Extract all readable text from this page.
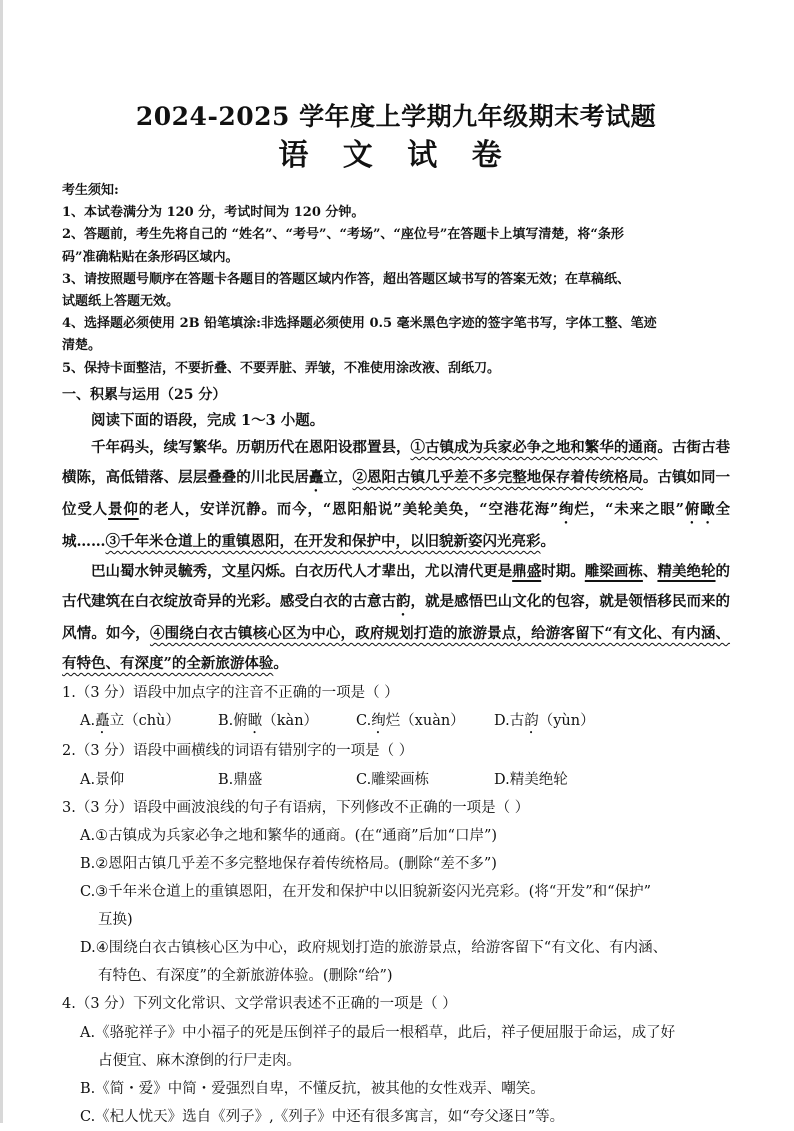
2024-2025 学年度上学期九年级期末考试题
语 文 试 卷
考生须知:
1、本试卷满分为 120 分，考试时间为 120 分钟。
2、答题前，考生先将自己的 “姓名”、“考号”、“考场”、“座位号”在答题卡上填写清楚，将“条形
码”准确粘贴在条形码区域内。
3、请按照题号顺序在答题卡各题目的答题区域内作答，超出答题区域书写的答案无效；在草稿纸、
试题纸上答题无效。
4、选择题必须使用 2B 铅笔填涂:非选择题必须使用 0.5 毫米黑色字迹的签字笔书写，字体工整、笔迹
清楚。
5、保持卡面整洁，不要折叠、不要弄脏、弄皱，不准使用涂改液、刮纸刀。
一、积累与运用（25 分）
阅读下面的语段，完成 1～3 小题。
千年码头，续写繁华。历朝历代在恩阳设郡置县，①古镇成为兵家必争之地和繁华的通商。古街古巷横陈，高低错落、层层叠叠的川北民居矗立，②恩阳古镇几乎差不多完整地保存着传统格局。古镇如同一位受人景仰的老人，安详沉静。而今，“恩阳船说”美轮美奂，“空港花海”绚烂，“未来之眼”俯瞰全城……③千年米仓道上的重镇恩阳，在开发和保护中，以旧貌新姿闪光亮彩。
巴山蜀水钟灵毓秀，文星闪烁。白衣历代人才辈出，尤以清代更是鼎盛时期。雕梁画栋、精美绝轮的古代建筑在白衣绽放奇异的光彩。感受白衣的古意古韵，就是感悟巴山文化的包容，就是领悟移民而来的风情。如今，④围绕白衣古镇核心区为中心，政府规划打造的旅游景点，给游客留下“有文化、有内涵、有特色、有深度”的全新旅游体验。
1.（3 分）语段中加点字的注音不正确的一项是（ ）
A.矗立（chù）	B.俯瞰（kàn）	C.绚烂（xuàn）	D.古韵（yùn）
2.（3 分）语段中画横线的词语有错别字的一项是（ ）
A.景仰	B.鼎盛	C.雕梁画栋	D.精美绝轮
3.（3 分）语段中画波浪线的句子有语病，下列修改不正确的一项是（ ）
A.①古镇成为兵家必争之地和繁华的通商。(在“通商”后加“口岸”)
B.②恩阳古镇几乎差不多完整地保存着传统格局。(删除“差不多”)
C.③千年米仓道上的重镇恩阳，在开发和保护中以旧貌新姿闪光亮彩。(将“开发”和“保护”
互换)
D.④围绕白衣古镇核心区为中心，政府规划打造的旅游景点，给游客留下“有文化、有内涵、
有特色、有深度”的全新旅游体验。(删除“给”)
4.（3 分）下列文化常识、文学常识表述不正确的一项是（ ）
A.《骆驼祥子》中小福子的死是压倒祥子的最后一根稻草，此后，祥子便屈服于命运，成了好
占便宜、麻木潦倒的行尸走肉。
B.《简・爱》中简・爱强烈自卑，不懂反抗，被其他的女性戏弄、嘲笑。
C.《杞人忧天》选自《列子》,《列子》中还有很多寓言，如“夸父逐日”等。
